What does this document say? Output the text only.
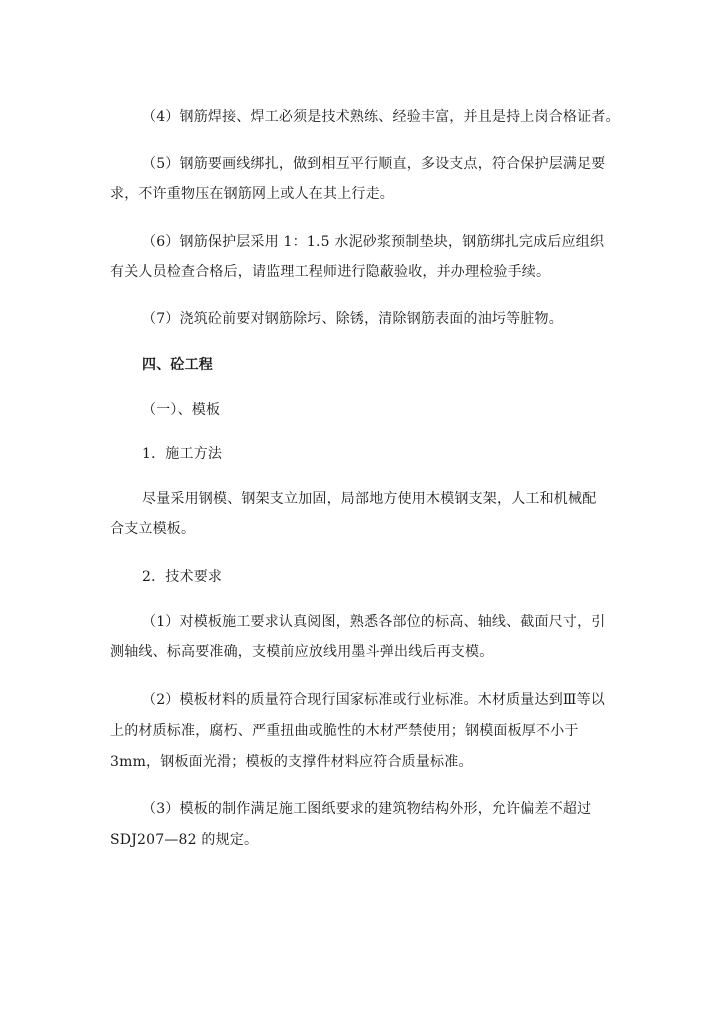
（4）钢筋焊接、焊工必须是技术熟练、经验丰富，并且是持上岗合格证者。
（5）钢筋要画线绑扎，做到相互平行顺直，多设支点，符合保护层满足要
求，不许重物压在钢筋网上或人在其上行走。
（6）钢筋保护层采用 1：1.5 水泥砂浆预制垫块，钢筋绑扎完成后应组织
有关人员检查合格后，请监理工程师进行隐蔽验收，并办理检验手续。
（7）浇筑砼前要对钢筋除圬、除锈，清除钢筋表面的油圬等脏物。
四、砼工程
（一）、模板
1．施工方法
尽量采用钢模、钢架支立加固，局部地方使用木模钢支架，人工和机械配
合支立模板。
2．技术要求
（1）对模板施工要求认真阅图，熟悉各部位的标高、轴线、截面尺寸，引
测轴线、标高要准确，支模前应放线用墨斗弹出线后再支模。
（2）模板材料的质量符合现行国家标准或行业标准。木材质量达到Ⅲ等以
上的材质标准，腐朽、严重扭曲或脆性的木材严禁使用；钢模面板厚不小于
3mm，钢板面光滑；模板的支撑件材料应符合质量标准。
（3）模板的制作满足施工图纸要求的建筑物结构外形，允许偏差不超过
SDJ207—82 的规定。
